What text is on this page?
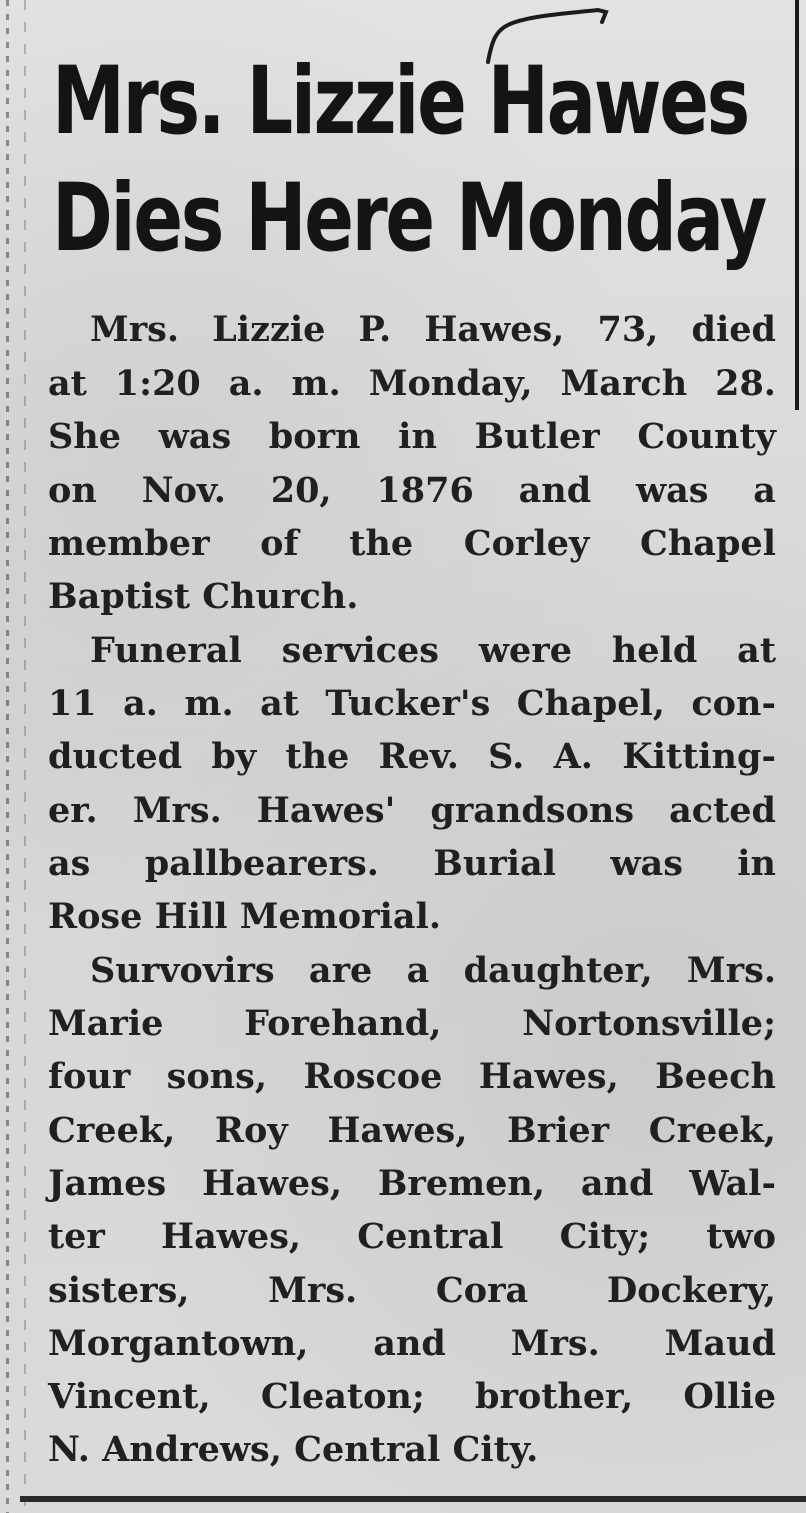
Mrs. Lizzie Hawes
Dies Here Monday

Mrs. Lizzie P. Hawes, 73, died

at 1:20 a. m. Monday, March 28.

She was born in Butler County

on Nov. 20, 1876 and was a

member of the Corley Chapel

Baptist Church.

Funeral services were held at

11 a. m. at Tucker's Chapel, con-

ducted by the Rev. S. A. Kitting-

er. Mrs. Hawes' grandsons acted

as pallbearers. Burial was in

Rose Hill Memorial.

Survovirs are a daughter, Mrs.

Marie Forehand, Nortonsville;

four sons, Roscoe Hawes, Beech

Creek, Roy Hawes, Brier Creek,

James Hawes, Bremen, and Wal-

ter Hawes, Central City; two

sisters, Mrs. Cora Dockery,

Morgantown, and Mrs. Maud

Vincent, Cleaton; brother, Ollie

N. Andrews, Central City.
